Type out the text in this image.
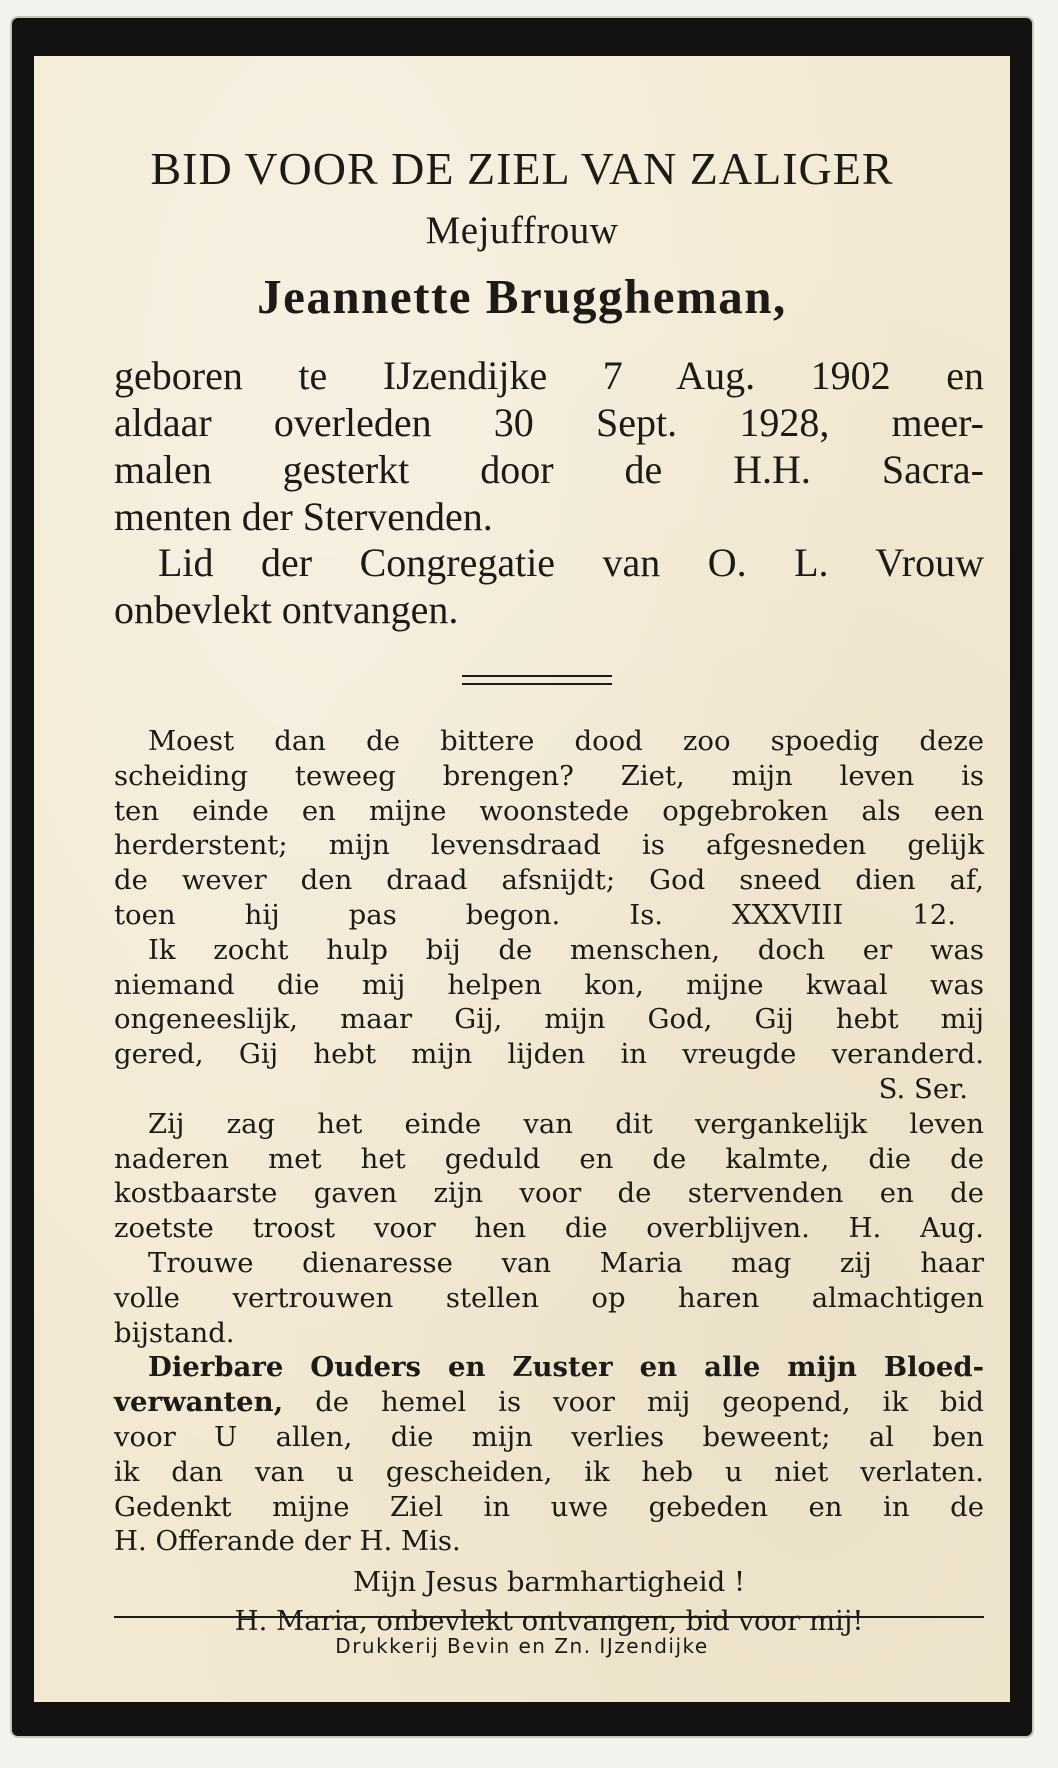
BID VOOR DE ZIEL VAN ZALIGER
Mejuffrouw
Jeannette Bruggheman,
geboren te IJzendijke 7 Aug. 1902 en
aldaar overleden 30 Sept. 1928, meer-
malen gesterkt door de H.H. Sacra-
menten der Stervenden.
Lid der Congregatie van O. L. Vrouw
onbevlekt ontvangen.
Moest dan de bittere dood zoo spoedig deze
scheiding teweeg brengen? Ziet, mijn leven is
ten einde en mijne woonstede opgebroken als een
herderstent; mijn levensdraad is afgesneden gelijk
de wever den draad afsnijdt; God sneed dien af,
toen hij pas begon.	Is. XXXVIII 12.
Ik zocht hulp bij de menschen, doch er was
niemand die mij helpen kon, mijne kwaal was
ongeneeslijk, maar Gij, mijn God, Gij hebt mij
gered, Gij hebt mijn lijden in vreugde veranderd.
S. Ser.
Zij zag het einde van dit vergankelijk leven
naderen met het geduld en de kalmte, die de
kostbaarste gaven zijn voor de stervenden en de
zoetste troost voor hen die overblijven. H. Aug.
Trouwe dienaresse van Maria mag zij haar
volle vertrouwen stellen op haren almachtigen
bijstand.
Dierbare Ouders en Zuster en alle mijn Bloed-
verwanten, de hemel is voor mij geopend, ik bid
voor U allen, die mijn verlies beweent; al ben
ik dan van u gescheiden, ik heb u niet verlaten.
Gedenkt mijne Ziel in uwe gebeden en in de
H. Offerande der H. Mis.
Mijn Jesus barmhartigheid !
H. Maria, onbevlekt ontvangen, bid voor mij!
Drukkerij Bevin en Zn. IJzendijke
